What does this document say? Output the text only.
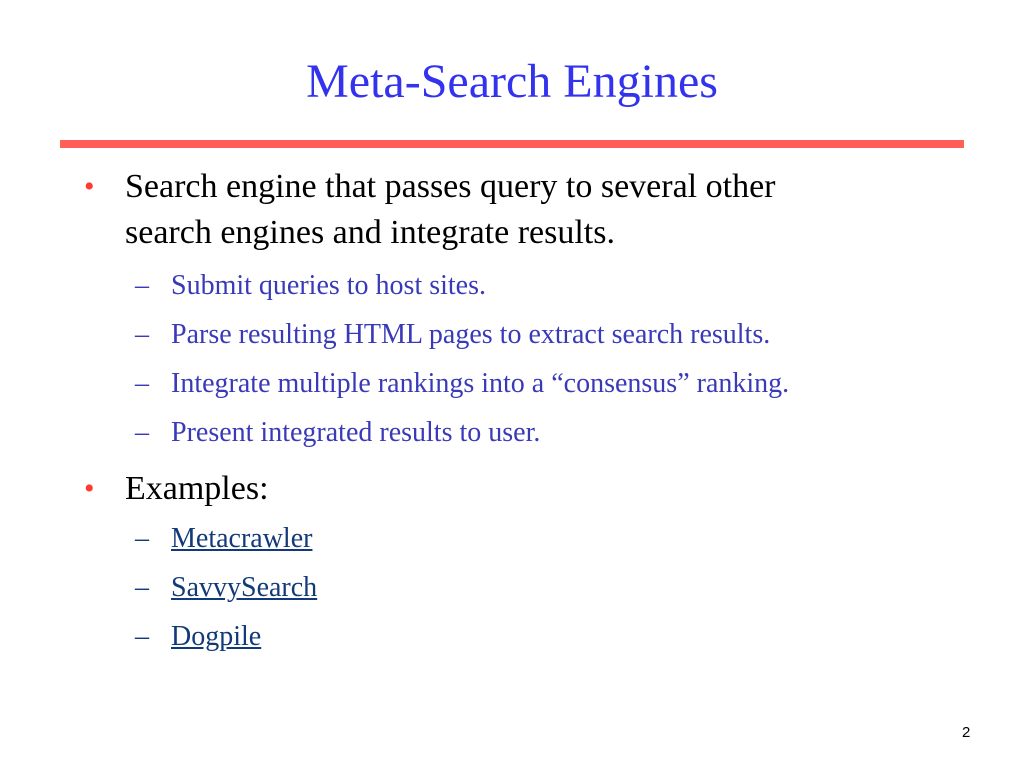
Meta-Search Engines
• Search engine that passes query to several other
search engines and integrate results.
– Submit queries to host sites.
– Parse resulting HTML pages to extract search results.
– Integrate multiple rankings into a “consensus” ranking.
– Present integrated results to user.
• Examples:
– Metacrawler
– SavvySearch
– Dogpile
2
